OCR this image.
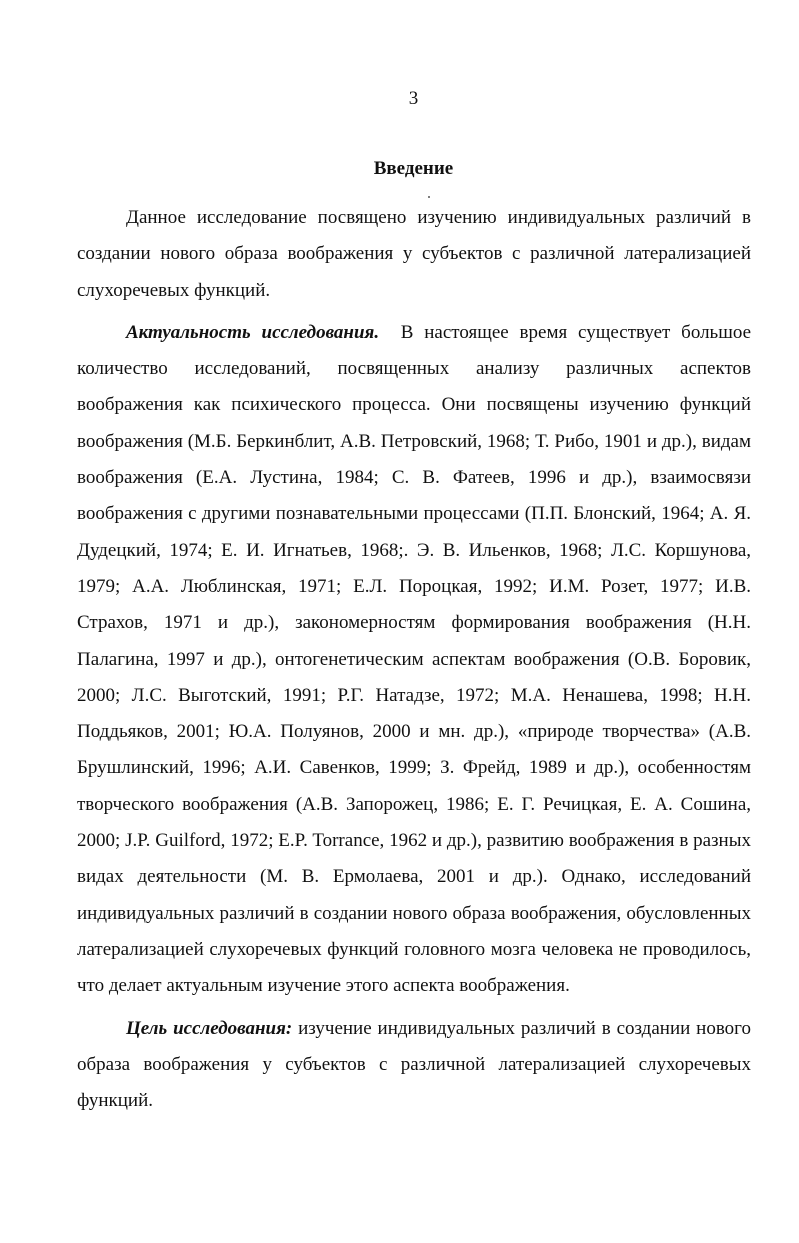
3
Введение

Данное исследование посвящено изучению индивидуальных различий в создании нового образа воображения у субъектов с различной латерализацией слухоречевых функций.

Актуальность исследования. В настоящее время существует большое количество исследований, посвященных анализу различных аспектов воображения как психического процесса. Они посвящены изучению функций воображения (М.Б. Беркинблит, А.В. Петровский, 1968; Т. Рибо, 1901 и др.), видам воображения (Е.А. Лустина, 1984; С. В. Фатеев, 1996 и др.), взаимосвязи воображения с другими познавательными процессами (П.П. Блонский, 1964; А. Я. Дудецкий, 1974; Е. И. Игнатьев, 1968;. Э. В. Ильенков, 1968; Л.С. Коршунова, 1979; А.А. Люблинская, 1971; Е.Л. Пороцкая, 1992; И.М. Розет, 1977; И.В. Страхов, 1971 и др.), закономерностям формирования воображения (Н.Н. Палагина, 1997 и др.), онтогенетическим аспектам воображения (О.В. Боровик, 2000; Л.С. Выготский, 1991; Р.Г. Натадзе, 1972; М.А. Ненашева, 1998; Н.Н. Поддьяков, 2001; Ю.А. Полуянов, 2000 и мн. др.), «природе творчества» (А.В. Брушлинский, 1996; А.И. Савенков, 1999; З. Фрейд, 1989 и др.), особенностям творческого воображения (А.В. Запорожец, 1986; Е. Г. Речицкая, Е. А. Сошина, 2000; J.P. Guilford, 1972; E.P. Torrance, 1962 и др.), развитию воображения в разных видах деятельности (М. В. Ермолаева, 2001 и др.). Однако, исследований индивидуальных различий в создании нового образа воображения, обусловленных латерализацией слухоречевых функций головного мозга человека не проводилось, что делает актуальным изучение этого аспекта воображения.

Цель исследования: изучение индивидуальных различий в создании нового образа воображения у субъектов с различной латерализацией слухоречевых функций.
